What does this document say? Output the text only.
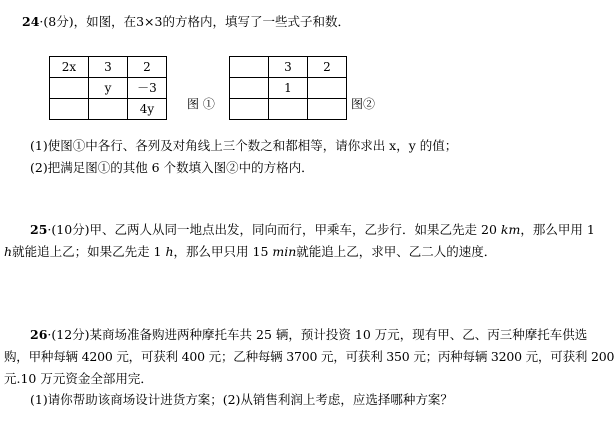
24·(8分)，如图，在3×3的方格内，填写了一些式子和数．
2x	3	2
	y	－3
		4y	图 ①
	3	2
	1	

图②
(1)使图①中各行、各列及对角线上三个数之和都相等，请你求出 x，y 的值；
(2)把满足图①的其他 6 个数填入图②中的方格内．
25·(10分)甲、乙两人从同一地点出发，同向而行，甲乘车，乙步行．如果乙先走 20 km，那么甲用 1
h就能追上乙；如果乙先走 1 h，那么甲只用 15 min就能追上乙，求甲、乙二人的速度．
26·(12分)某商场准备购进两种摩托车共 25 辆，预计投资 10 万元，现有甲、乙、丙三种摩托车供选
购，甲种每辆 4200 元，可获利 400 元；乙种每辆 3700 元，可获利 350 元；丙种每辆 3200 元，可获利 200
元.10 万元资金全部用完．
(1)请你帮助该商场设计进货方案；(2)从销售利润上考虑，应选择哪种方案？
